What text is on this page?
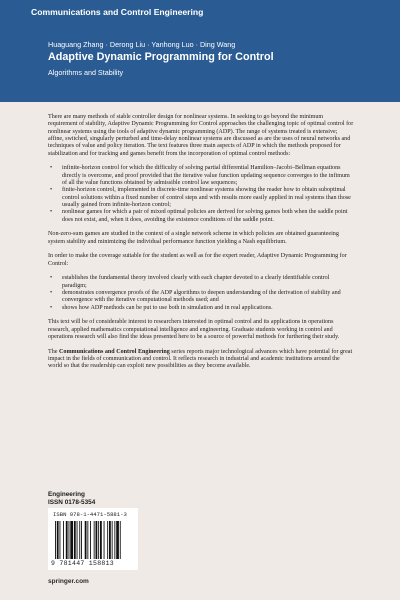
Communications and Control Engineering
Huaguang Zhang · Derong Liu · Yanhong Luo · Ding Wang
Adaptive Dynamic Programming for Control
Algorithms and Stability

There are many methods of stable controller design for nonlinear systems. In seeking to go beyond the minimum requirement of stability, Adaptive Dynamic Programming for Control approaches the challenging topic of optimal control for nonlinear systems using the tools of adaptive dynamic programming (ADP). The range of systems treated is extensive; affine, switched, singularly perturbed and time-delay nonlinear systems are discussed as are the uses of neural networks and techniques of value and policy iteration. The text features three main aspects of ADP in which the methods proposed for stabilization and for tracking and games benefit from the incorporation of optimal control methods:

• infinite-horizon control for which the difficulty of solving partial differential Hamilton–Jacobi–Bellman equations directly is overcome, and proof provided that the iterative value function updating sequence converges to the infimum of all the value functions obtained by admissible control law sequences;
• finite-horizon control, implemented in discrete-time nonlinear systems showing the reader how to obtain suboptimal control solutions within a fixed number of control steps and with results more easily applied in real systems than those usually gained from infinite-horizon control;
• nonlinear games for which a pair of mixed optimal policies are derived for solving games both when the saddle point does not exist, and, when it does, avoiding the existence conditions of the saddle point.

Non-zero-sum games are studied in the context of a single network scheme in which policies are obtained guaranteeing system stability and minimizing the individual performance function yielding a Nash equilibrium.

In order to make the coverage suitable for the student as well as for the expert reader, Adaptive Dynamic Programming for Control:

• establishes the fundamental theory involved clearly with each chapter devoted to a clearly identifiable control paradigm;
• demonstrates convergence proofs of the ADP algorithms to deepen understanding of the derivation of stability and convergence with the iterative computational methods used; and
• shows how ADP methods can be put to use both in simulation and in real applications.

This text will be of considerable interest to researchers interested in optimal control and its applications in operations research, applied mathematics computational intelligence and engineering. Graduate students working in control and operations research will also find the ideas presented here to be a source of powerful methods for furthering their study.

The Communications and Control Engineering series reports major technological advances which have potential for great impact in the fields of communication and control. It reflects research in industrial and academic institutions around the world so that the readership can exploit new possibilities as they become available.

Engineering
ISSN 0178-5354
ISBN 978-1-4471-5881-3
9 781447 158813
springer.com
